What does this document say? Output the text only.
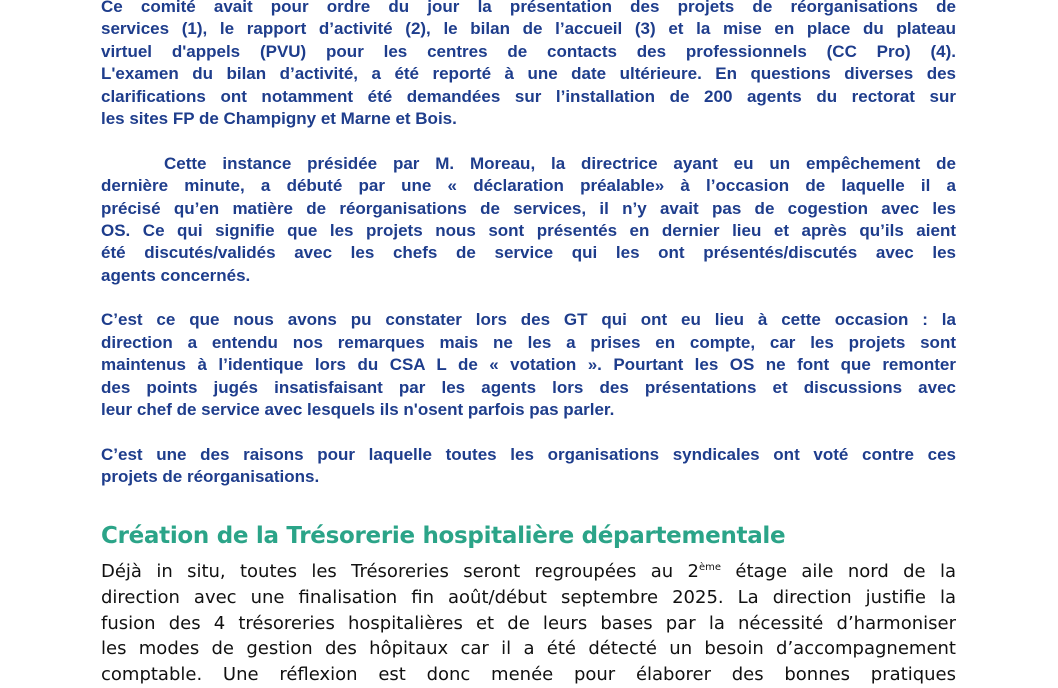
Ce comité avait pour ordre du jour la présentation des projets de réorganisations de
services (1), le rapport d’activité (2), le bilan de l’accueil (3) et la mise en place du plateau
virtuel d'appels (PVU) pour les centres de contacts des professionnels (CC Pro) (4).
L'examen du bilan d’activité, a été reporté à une date ultérieure. En questions diverses des
clarifications ont notamment été demandées sur l’installation de 200 agents du rectorat sur
les sites FP de Champigny et Marne et Bois.
Cette instance présidée par M. Moreau, la directrice ayant eu un empêchement de
dernière minute, a débuté par une « déclaration préalable» à l’occasion de laquelle il a
précisé qu’en matière de réorganisations de services, il n’y avait pas de cogestion avec les
OS. Ce qui signifie que les projets nous sont présentés en dernier lieu et après qu’ils aient
été discutés/validés avec les chefs de service qui les ont présentés/discutés avec les
agents concernés.
C’est ce que nous avons pu constater lors des GT qui ont eu lieu à cette occasion : la
direction a entendu nos remarques mais ne les a prises en compte, car les projets sont
maintenus à l’identique lors du CSA L de « votation ». Pourtant les OS ne font que remonter
des points jugés insatisfaisant par les agents lors des présentations et discussions avec
leur chef de service avec lesquels ils n'osent parfois pas parler.
C’est une des raisons pour laquelle toutes les organisations syndicales ont voté contre ces
projets de réorganisations.
Création de la Trésorerie hospitalière départementale
Déjà in situ, toutes les Trésoreries seront regroupées au 2ème étage aile nord de la
direction avec une finalisation fin août/début septembre 2025. La direction justifie la
fusion des 4 trésoreries hospitalières et de leurs bases par la nécessité d’harmoniser
les modes de gestion des hôpitaux car il a été détecté un besoin d’accompagnement
comptable. Une réflexion est donc menée pour élaborer des bonnes pratiques
